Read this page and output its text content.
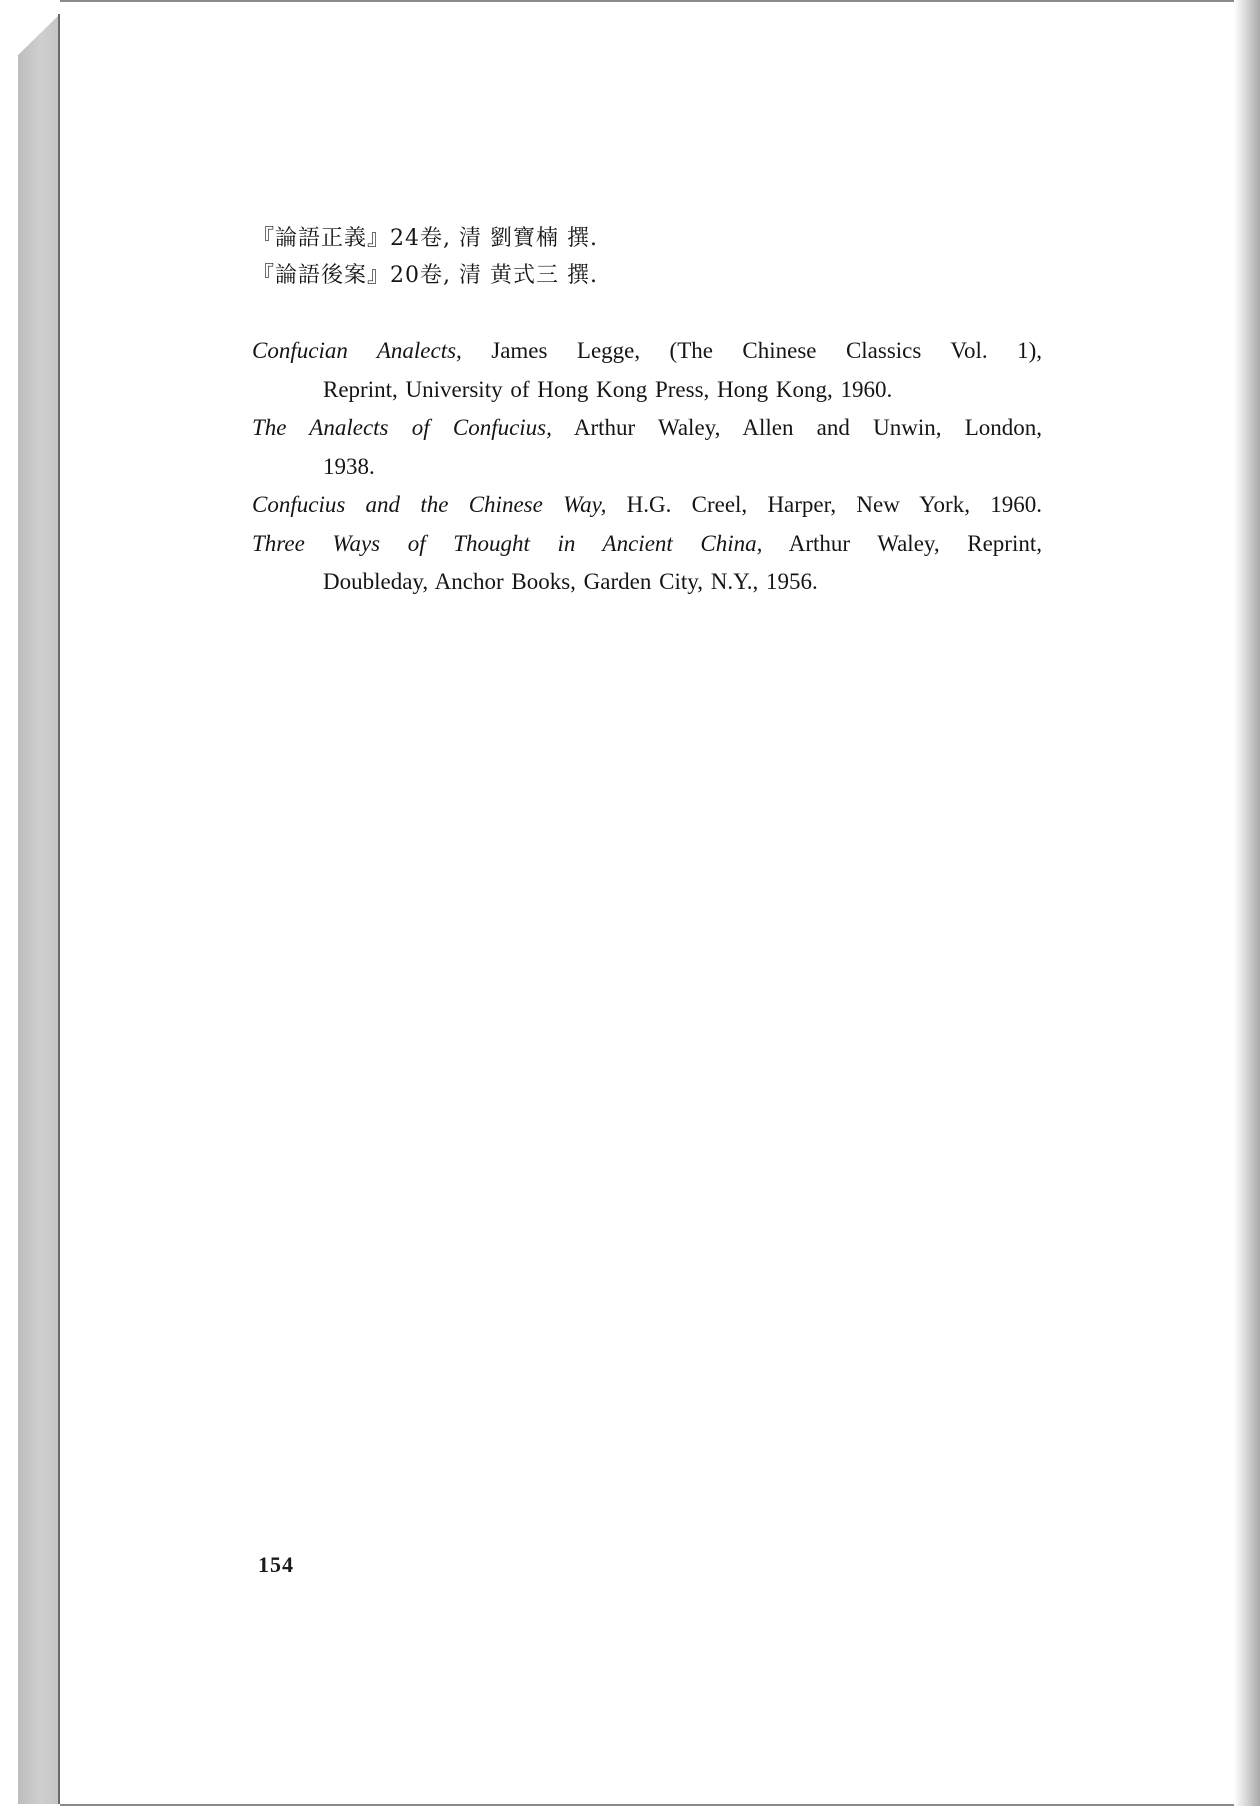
『論語正義』24卷, 清 劉寶楠 撰.
『論語後案』20卷, 清 黄式三 撰.

Confucian Analects, James Legge, (The Chinese Classics Vol. 1),

Reprint, University of Hong Kong Press, Hong Kong, 1960.

The Analects of Confucius, Arthur Waley, Allen and Unwin, London,

1938.

Confucius and the Chinese Way, H.G. Creel, Harper, New York, 1960.

Three Ways of Thought in Ancient China, Arthur Waley, Reprint,

Doubleday, Anchor Books, Garden City, N.Y., 1956.

154
